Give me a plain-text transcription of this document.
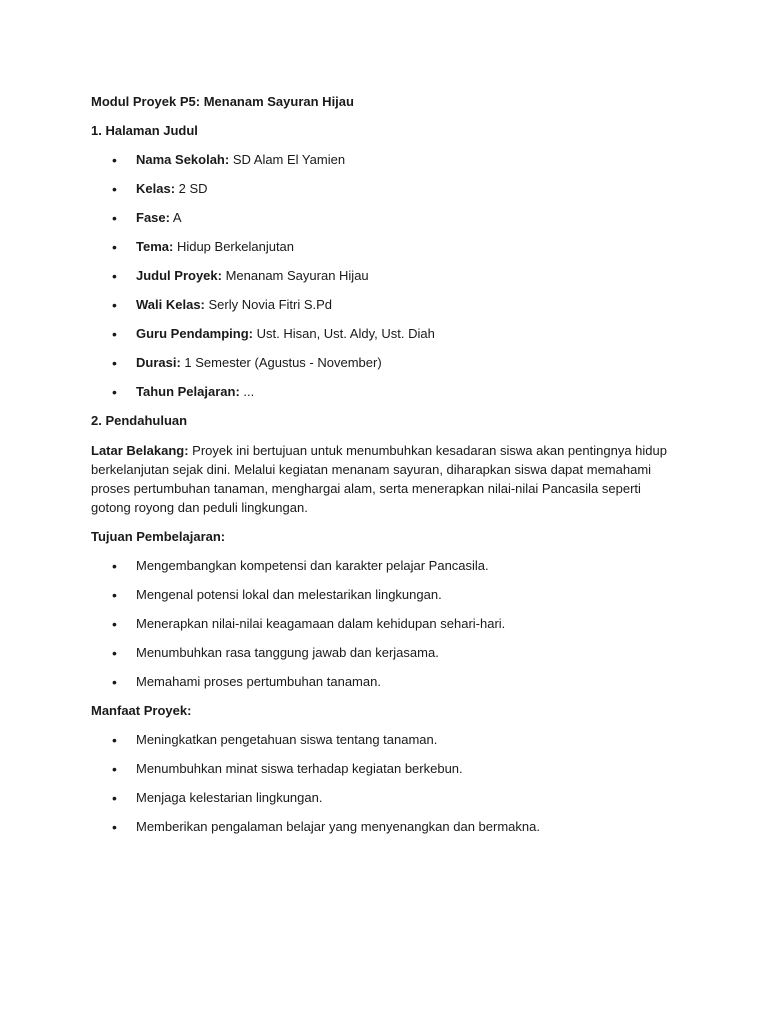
Modul Proyek P5: Menanam Sayuran Hijau
1. Halaman Judul
• Nama Sekolah: SD Alam El Yamien
• Kelas: 2 SD
• Fase: A
• Tema: Hidup Berkelanjutan
• Judul Proyek: Menanam Sayuran Hijau
• Wali Kelas: Serly Novia Fitri S.Pd
• Guru Pendamping: Ust. Hisan, Ust. Aldy, Ust. Diah
• Durasi: 1 Semester (Agustus - November)
• Tahun Pelajaran: ...
2. Pendahuluan

Latar Belakang: Proyek ini bertujuan untuk menumbuhkan kesadaran siswa akan pentingnya hidup berkelanjutan sejak dini. Melalui kegiatan menanam sayuran, diharapkan siswa dapat memahami proses pertumbuhan tanaman, menghargai alam, serta menerapkan nilai-nilai Pancasila seperti gotong royong dan peduli lingkungan.

Tujuan Pembelajaran:
• Mengembangkan kompetensi dan karakter pelajar Pancasila.
• Mengenal potensi lokal dan melestarikan lingkungan.
• Menerapkan nilai-nilai keagamaan dalam kehidupan sehari-hari.
• Menumbuhkan rasa tanggung jawab dan kerjasama.
• Memahami proses pertumbuhan tanaman.
Manfaat Proyek:
• Meningkatkan pengetahuan siswa tentang tanaman.
• Menumbuhkan minat siswa terhadap kegiatan berkebun.
• Menjaga kelestarian lingkungan.
• Memberikan pengalaman belajar yang menyenangkan dan bermakna.
